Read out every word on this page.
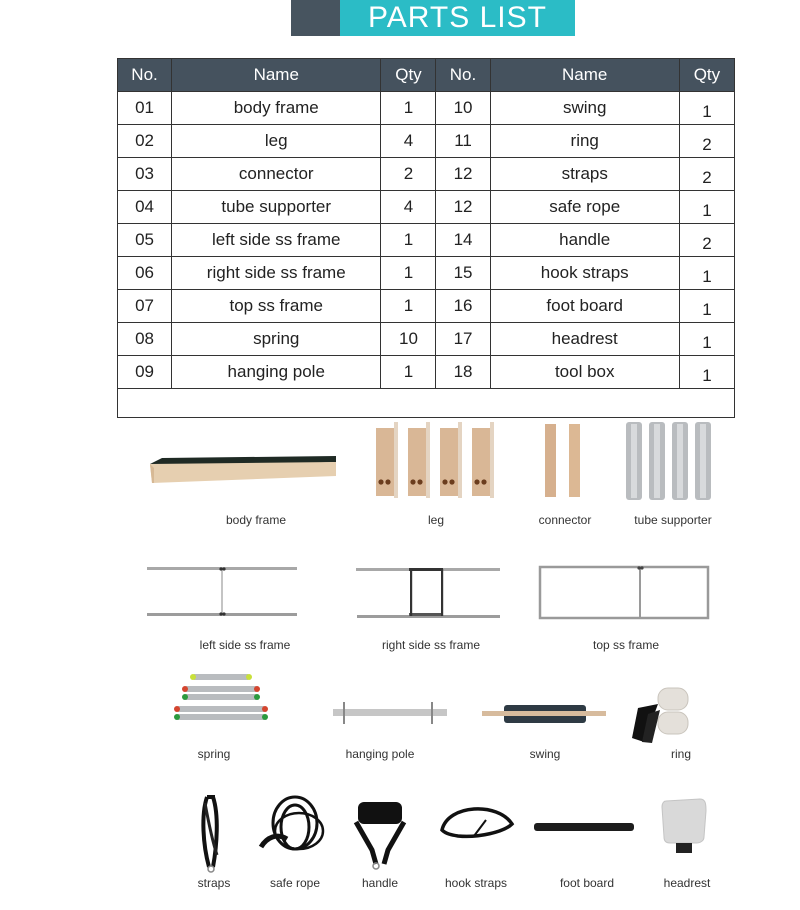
PARTS LIST
No.	Name	Qty	No.	Name	Qty
01	body frame	1	10	swing	1
02	leg	4	11	ring	2
03	connector	2	12	straps	2
04	tube supporter	4	12	safe rope	1
05	left side ss frame	1	14	handle	2
06	right side ss frame	1	15	hook straps	1
07	top ss frame	1	16	foot board	1
08	spring	10	17	headrest	1
09	hanging pole	1	18	tool box	1

body frame	leg	connector	tube supporter
left side ss frame	right side ss frame	top ss frame
spring	hanging pole	swing	ring
straps	safe rope	handle	hook straps	foot board	headrest
